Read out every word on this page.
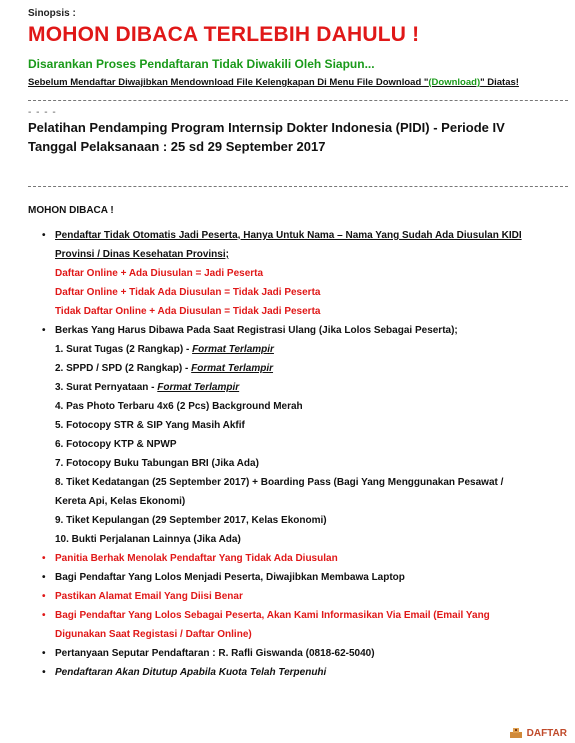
Sinopsis :
MOHON DIBACA TERLEBIH DAHULU !
Disarankan Proses Pendaftaran Tidak Diwakili Oleh Siapun...
Sebelum Mendaftar Diwajibkan Mendownload File Kelengkapan Di Menu File Download "(Download)" Diatas!
- - - -
Pelatihan Pendamping Program Internsip Dokter Indonesia (PIDI) - Periode IV
Tanggal Pelaksanaan : 25 sd 29 September 2017
MOHON DIBACA !
• Pendaftar Tidak Otomatis Jadi Peserta, Hanya Untuk Nama – Nama Yang Sudah Ada Diusulan KIDI
Provinsi / Dinas Kesehatan Provinsi;
Daftar Online + Ada Diusulan = Jadi Peserta
Daftar Online + Tidak Ada Diusulan = Tidak Jadi Peserta
Tidak Daftar Online + Ada Diusulan = Tidak Jadi Peserta
• Berkas Yang Harus Dibawa Pada Saat Registrasi Ulang (Jika Lolos Sebagai Peserta);
1. Surat Tugas (2 Rangkap) - Format Terlampir
2. SPPD / SPD (2 Rangkap) - Format Terlampir
3. Surat Pernyataan - Format Terlampir
4. Pas Photo Terbaru 4x6 (2 Pcs) Background Merah
5. Fotocopy STR & SIP Yang Masih Akfif
6. Fotocopy KTP & NPWP
7. Fotocopy Buku Tabungan BRI (Jika Ada)
8. Tiket Kedatangan (25 September 2017) + Boarding Pass (Bagi Yang Menggunakan Pesawat /
Kereta Api, Kelas Ekonomi)
9. Tiket Kepulangan (29 September 2017, Kelas Ekonomi)
10. Bukti Perjalanan Lainnya (Jika Ada)
• Panitia Berhak Menolak Pendaftar Yang Tidak Ada Diusulan
• Bagi Pendaftar Yang Lolos Menjadi Peserta, Diwajibkan Membawa Laptop
• Pastikan Alamat Email Yang Diisi Benar
• Bagi Pendaftar Yang Lolos Sebagai Peserta, Akan Kami Informasikan Via Email (Email Yang
Digunakan Saat Registasi / Daftar Online)
• Pertanyaan Seputar Pendaftaran : R. Rafli Giswanda (0818-62-5040)
• Pendaftaran Akan Ditutup Apabila Kuota Telah Terpenuhi
DAFTAR
